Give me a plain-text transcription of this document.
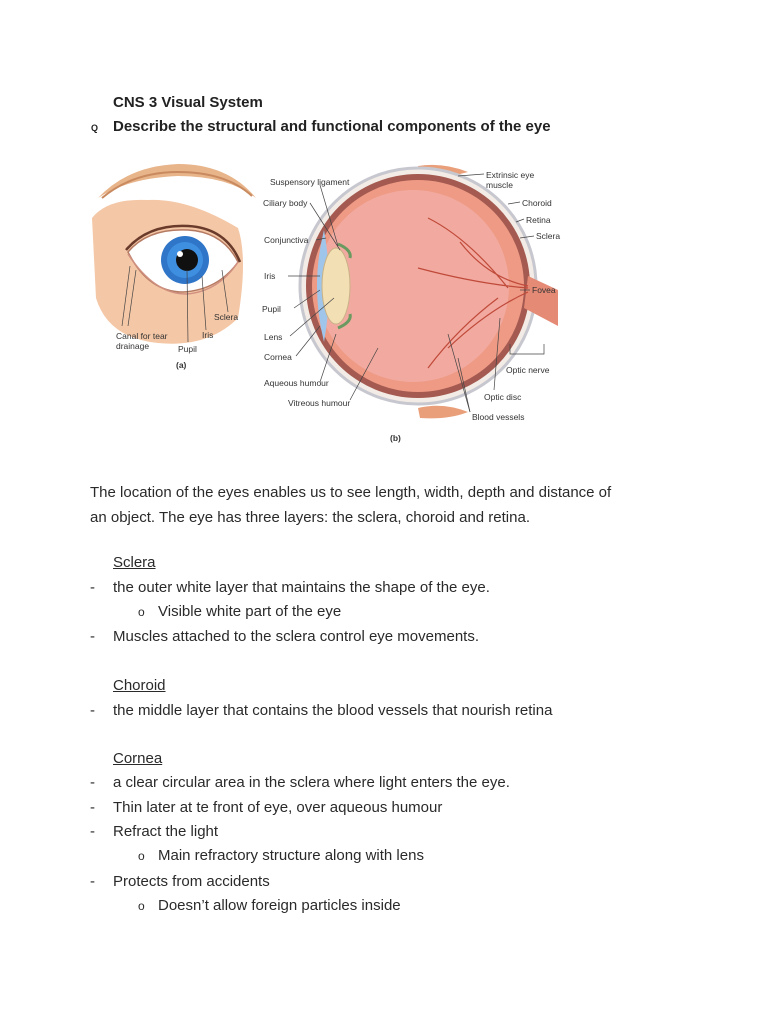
CNS 3 Visual System
Q Describe the structural and functional components of the eye
Canal for tear
drainage	Pupil
Iris
Sclera
(a)
Suspensory ligament
Ciliary body
Conjunctiva
Iris
Pupil
Lens
Cornea
Aqueous humour
Vitreous humour
Extrinsic eye
muscle
Choroid
Retina
Sclera
Fovea
Optic nerve
Optic disc
Blood vessels
(b)
The location of the eyes enables us to see length, width, depth and distance of
an object. The eye has three layers: the sclera, choroid and retina.
Sclera
- the outer white layer that maintains the shape of the eye.
o Visible white part of the eye
- Muscles attached to the sclera control eye movements.
Choroid
- the middle layer that contains the blood vessels that nourish retina
Cornea
- a clear circular area in the sclera where light enters the eye.
- Thin later at te front of eye, over aqueous humour
- Refract the light
o Main refractory structure along with lens
- Protects from accidents
o Doesn’t allow foreign particles inside
